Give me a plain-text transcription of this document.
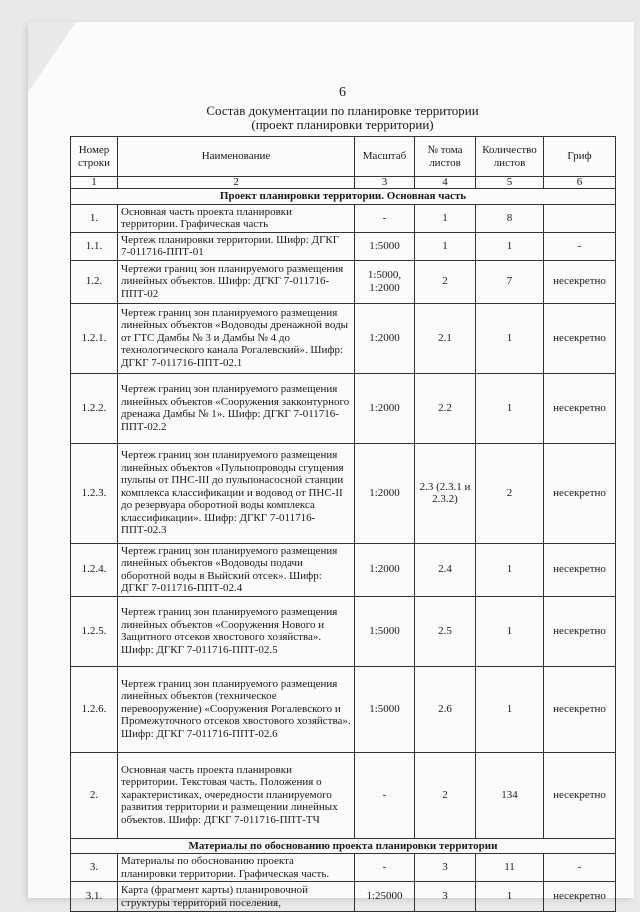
6
Состав документации по планировке территории
(проект планировки территории)
Номер строки	Наименование	Масштаб	№ тома листов	Количество листов	Гриф
1	2	3	4	5	6
Проект планировки территории. Основная часть					
1.	Основная часть проекта планировки территории. Графическая часть	-	1	8	
1.1.	Чертеж планировки территории. Шифр: ДГКГ 7-011716-ППТ-01	1:5000	1	1	-
1.2.	Чертежи границ зон планируемого размещения линейных объектов. Шифр: ДГКГ 7-011716-ППТ-02	1:5000, 1:2000	2	7	несекретно
1.2.1.	Чертеж границ зон планируемого размещения линейных объектов «Водоводы дренажной воды от ГТС Дамбы № 3 и Дамбы № 4 до технологического канала Рогалевский». Шифр: ДГКГ 7-011716-ППТ-02.1	1:2000	2.1	1	несекретно
1.2.2.	Чертеж границ зон планируемого размещения линейных объектов «Сооружения закконтурного дренажа Дамбы № 1». Шифр: ДГКГ 7-011716-ППТ-02.2	1:2000	2.2	1	несекретно
1.2.3.	Чертеж границ зон планируемого размещения линейных объектов «Пульпопроводы сгущения пульпы от ПНС-III до пульпонасосной станции комплекса классификации и водовод от ПНС-II до резервуара оборотной воды комплекса классификации». Шифр: ДГКГ 7-011716-ППТ-02.3	1:2000	2.3 (2.3.1 и 2.3.2)	2	несекретно
1.2.4.	Чертеж границ зон планируемого размещения линейных объектов «Водоводы подачи оборотной воды в Выйский отсек». Шифр: ДГКГ 7-011716-ППТ-02.4	1:2000	2.4	1	несекретно
1.2.5.	Чертеж границ зон планируемого размещения линейных объектов «Сооружения Нового и Защитного отсеков хвостового хозяйства». Шифр: ДГКГ 7-011716-ППТ-02.5	1:5000	2.5	1	несекретно
1.2.6.	Чертеж границ зон планируемого размещения линейных объектов (техническое перевооружение) «Сооружения Рогалевского и Промежуточного отсеков хвостового хозяйства». Шифр: ДГКГ 7-011716-ППТ-02.6	1:5000	2.6	1	несекретно
2.	Основная часть проекта планировки территории. Текстовая часть. Положения о характеристиках, очередности планируемого развития территории и размещении линейных объектов. Шифр: ДГКГ 7-011716-ППТ-ТЧ	-	2	134	несекретно
Материалы по обоснованию проекта планировки территории					
3.	Материалы по обоснованию проекта планировки территории. Графическая часть.	-	3	11	-
3.1.	Карта (фрагмент карты) планировочной структуры территорий поселения,	1:25000	3	1	несекретно
